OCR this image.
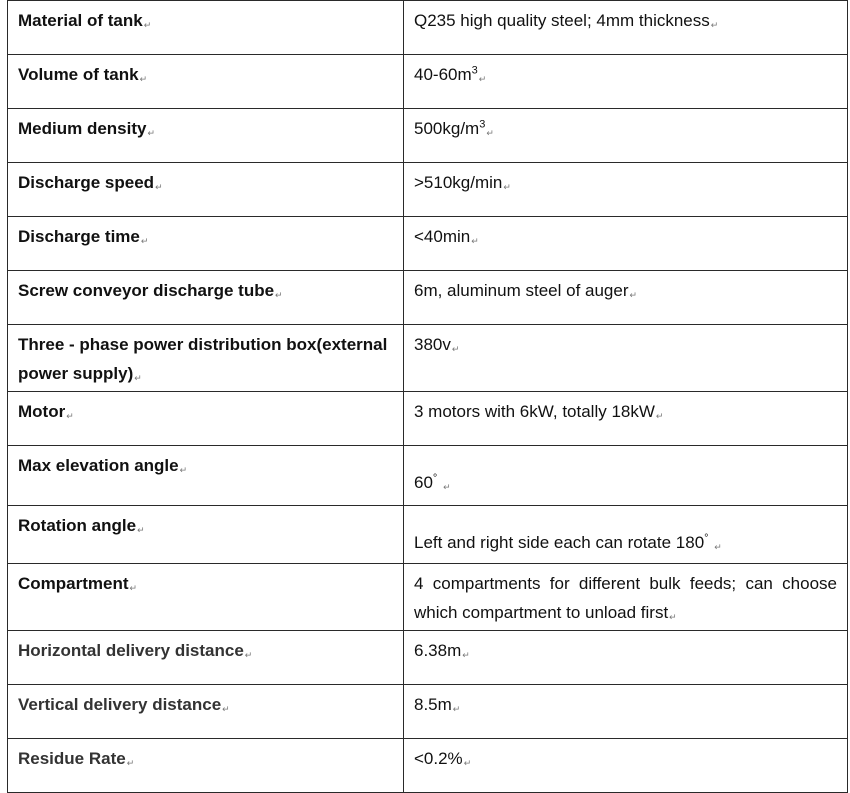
Material of tank↵	Q235 high quality steel; 4mm thickness↵
Volume of tank↵	$40-60m^3↵$
Medium density↵	$500kg/m^3↵$
Discharge speed↵	>510kg/min↵
Discharge time↵	<40min↵
Screw conveyor discharge tube↵	6m, aluminum steel of auger↵
Three - phase power distribution box(external power supply)↵	380v↵
Motor↵	3 motors with 6kW, totally 18kW↵
Max elevation angle↵	60° ↵
Rotation angle↵	Left and right side each can rotate 180° ↵
Compartment↵	4 compartments for different bulk feeds; can choose which compartment to unload first↵
Horizontal delivery distance↵	6.38m↵
Vertical delivery distance↵	8.5m↵
Residue Rate↵	<0.2%↵
